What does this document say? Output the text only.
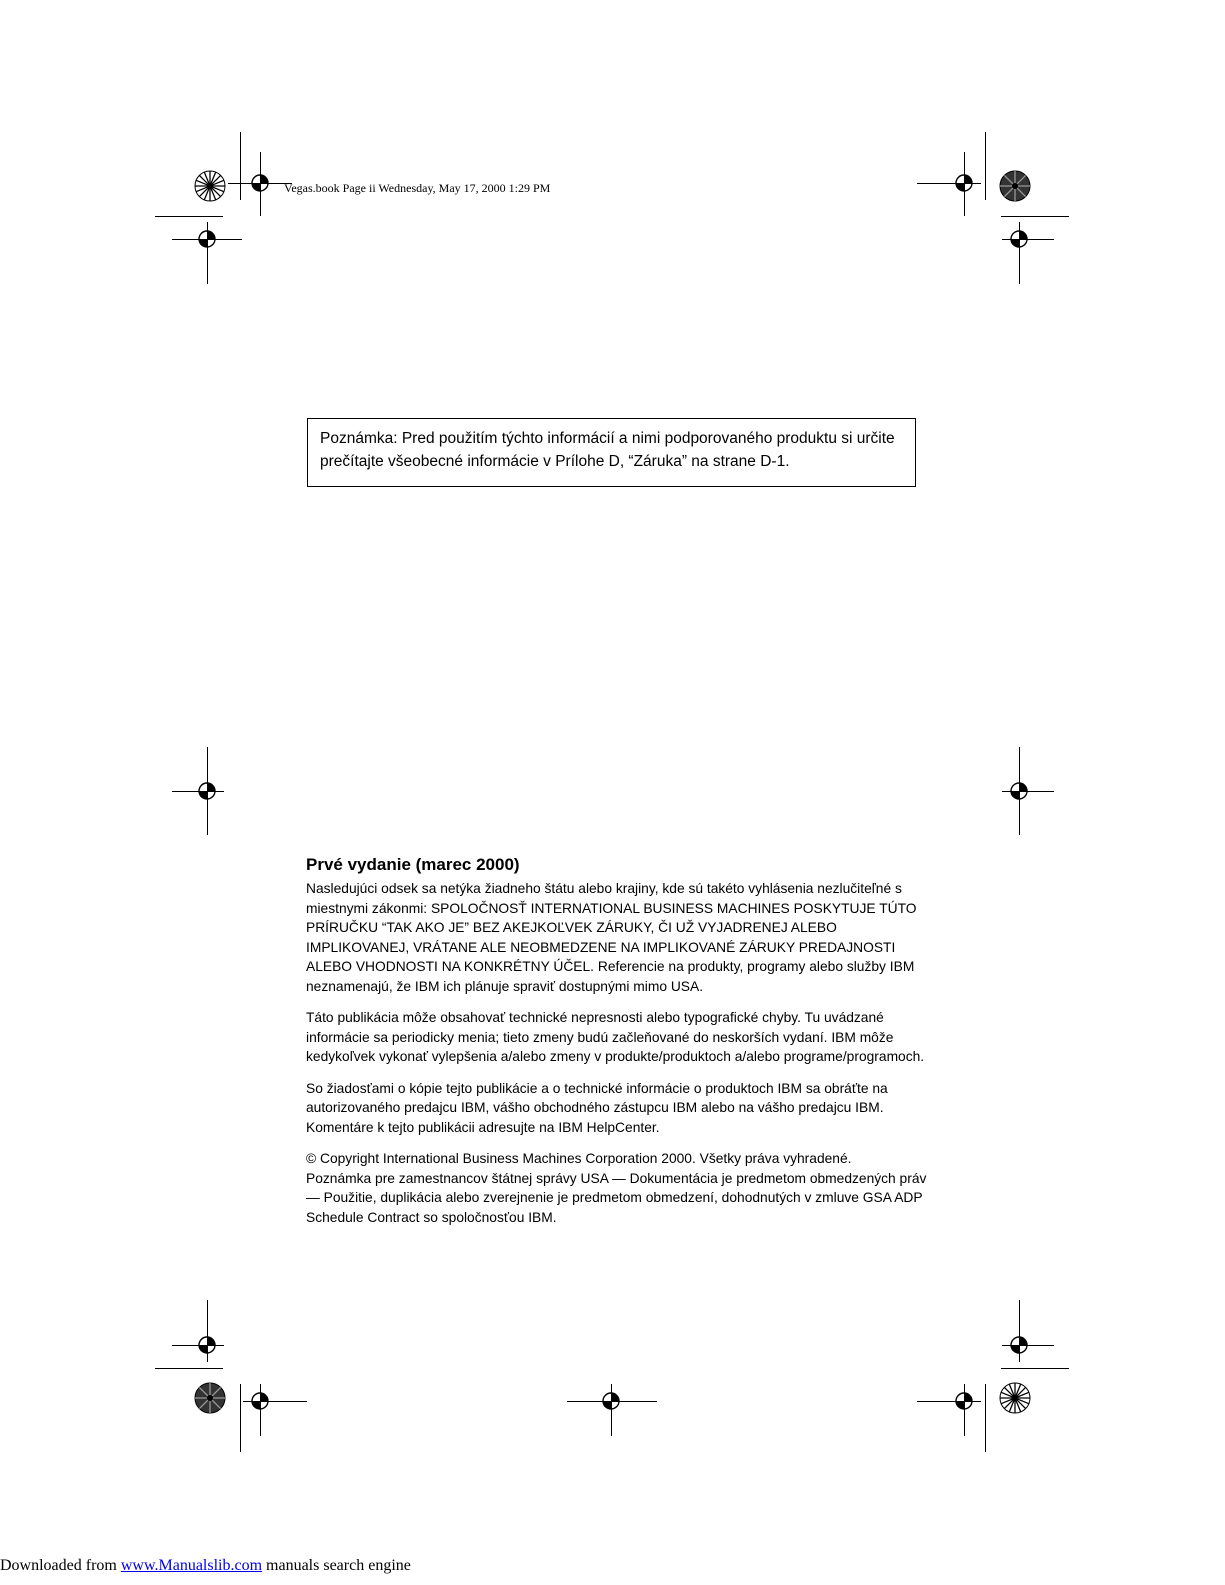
Vegas.book Page ii Wednesday, May 17, 2000 1:29 PM
Poznámka: Pred použitím týchto informácií a nimi podporovaného produktu si určite prečítajte všeobecné informácie v Prílohe D, “Záruka” na strane D-1.
Prvé vydanie (marec 2000)

Nasledujúci odsek sa netýka žiadneho štátu alebo krajiny, kde sú takéto vyhlásenia nezlučiteľné s miestnymi zákonmi: SPOLOČNOSŤ INTERNATIONAL BUSINESS MACHINES POSKYTUJE TÚTO PRÍRUČKU “TAK AKO JE” BEZ AKEJKOĽVEK ZÁRUKY, ČI UŽ VYJADRENEJ ALEBO IMPLIKOVANEJ, VRÁTANE ALE NEOBMEDZENE NA IMPLIKOVANÉ ZÁRUKY PREDAJNOSTI ALEBO VHODNOSTI NA KONKRÉTNY ÚČEL. Referencie na produkty, programy alebo služby IBM neznamenajú, že IBM ich plánuje spraviť dostupnými mimo USA.

Táto publikácia môže obsahovať technické nepresnosti alebo typografické chyby. Tu uvádzané informácie sa periodicky menia; tieto zmeny budú začleňované do neskorších vydaní. IBM môže kedykoľvek vykonať vylepšenia a/alebo zmeny v produkte/produktoch a/alebo programe/programoch.

So žiadosťami o kópie tejto publikácie a o technické informácie o produktoch IBM sa obráťte na autorizovaného predajcu IBM, vášho obchodného zástupcu IBM alebo na vášho predajcu IBM. Komentáre k tejto publikácii adresujte na IBM HelpCenter.

© Copyright International Business Machines Corporation 2000. Všetky práva vyhradené.
Poznámka pre zamestnancov štátnej správy USA — Dokumentácia je predmetom obmedzených práv — Použitie, duplikácia alebo zverejnenie je predmetom obmedzení, dohodnutých v zmluve GSA ADP Schedule Contract so spoločnosťou IBM.

Downloaded from www.Manualslib.com manuals search engine
